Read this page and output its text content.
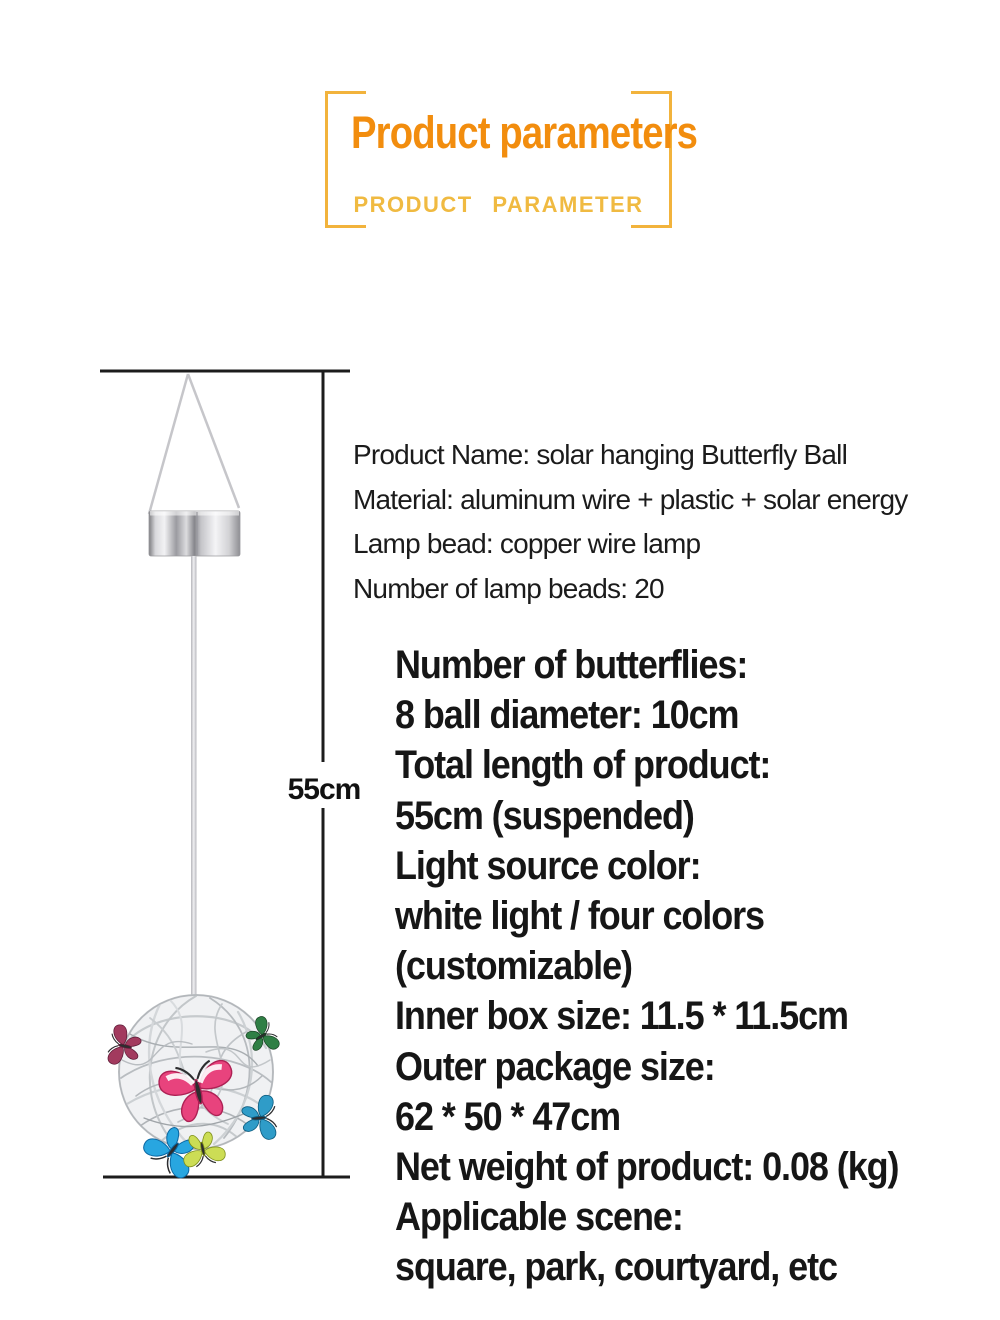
Product parameters
PRODUCT PARAMETER
55cm
Product Name: solar hanging Butterfly Ball
Material: aluminum wire + plastic + solar energy
Lamp bead: copper wire lamp
Number of lamp beads: 20
Number of butterflies:
8 ball diameter: 10cm
Total length of product:
55cm (suspended)
Light source color:
white light / four colors
(customizable)
Inner box size: 11.5 * 11.5cm
Outer package size:
62 * 50 * 47cm
Net weight of product: 0.08 (kg)
Applicable scene:
square, park, courtyard, etc
